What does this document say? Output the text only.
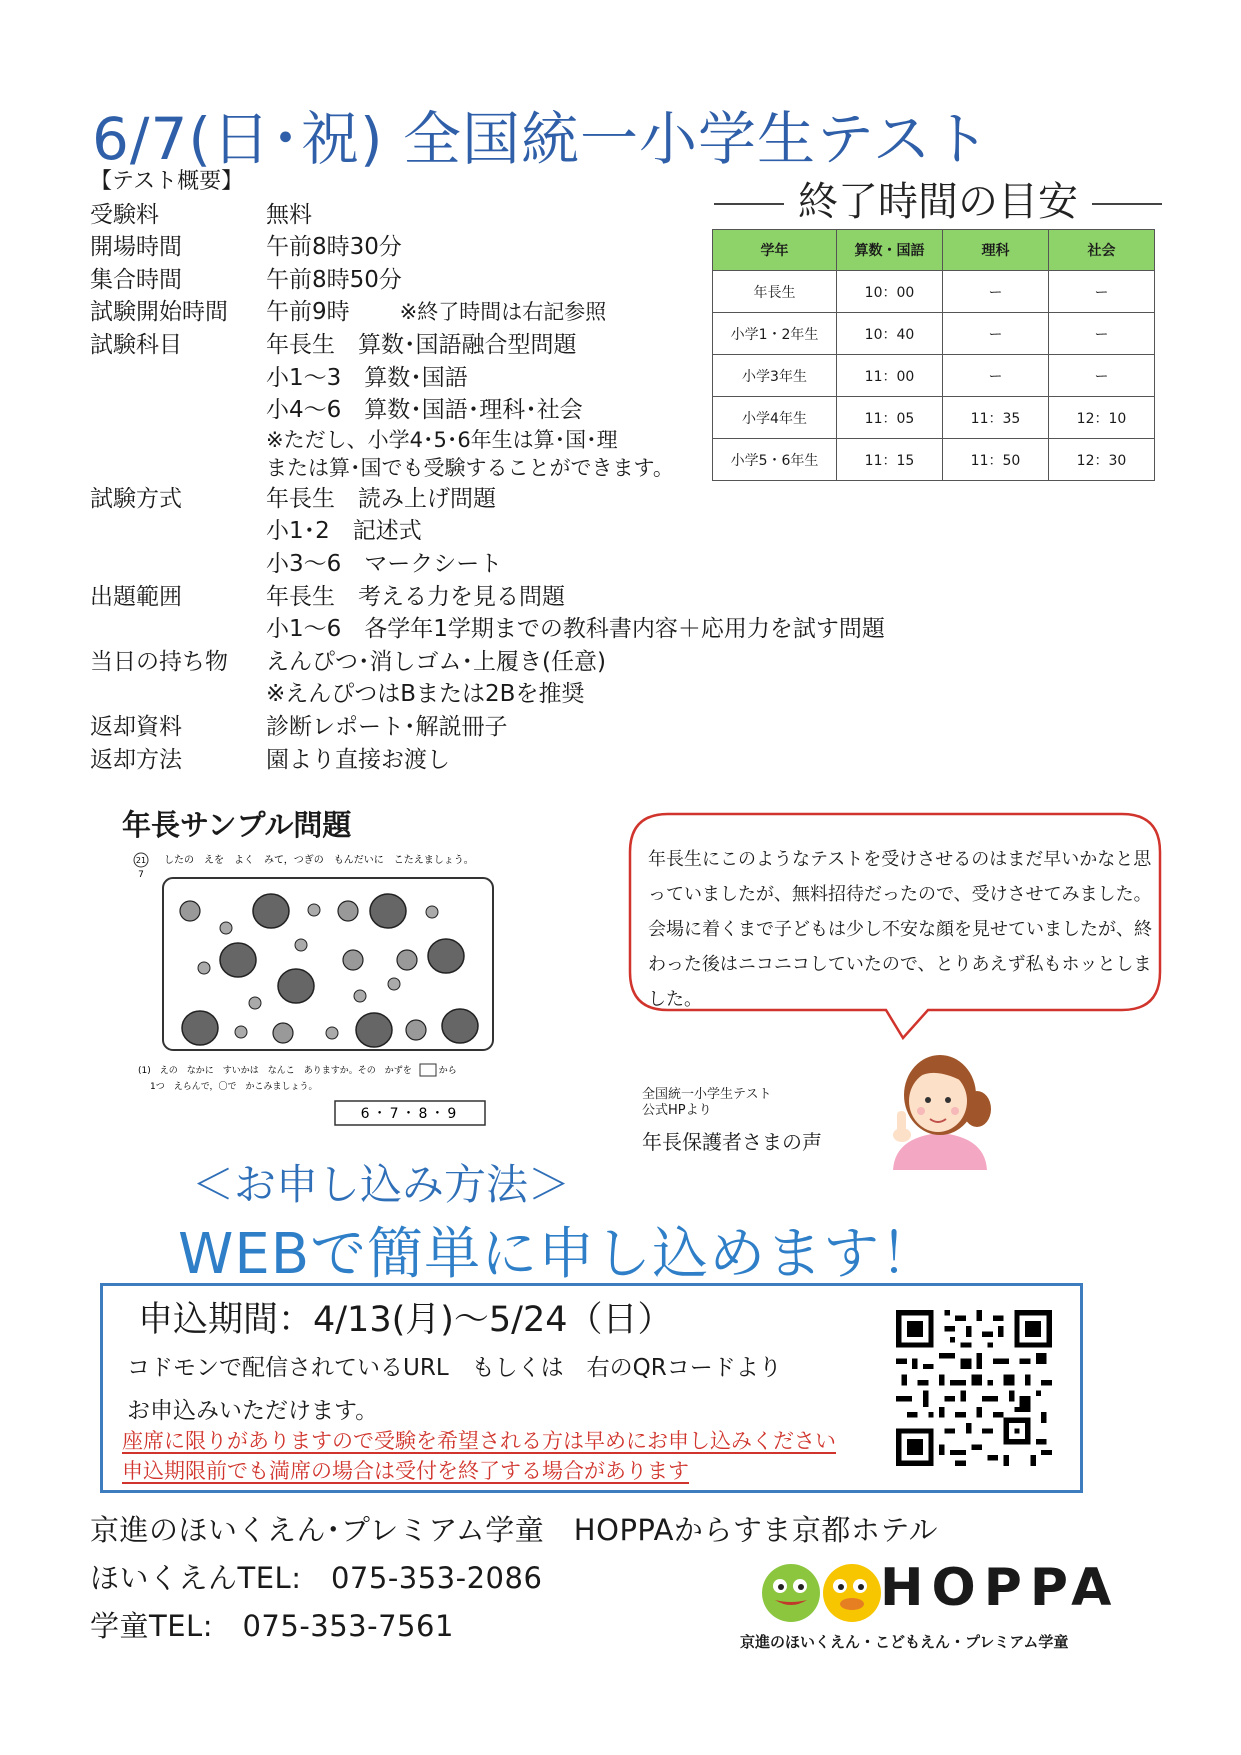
6/7(日･祝) 全国統一小学生テスト
終了時間の目安
【テスト概要】
受験料	無料
開場時間	午前8時30分
集合時間	午前8時50分
試験開始時間	午前9時 ※終了時間は右記参照
試験科目	年長生　算数･国語融合型問題
小1～3　算数･国語
小4～6　算数･国語･理科･社会
※ただし、小学4･5･6年生は算･国･理
または算･国でも受験することができます。
試験方式	年長生　読み上げ問題
小1･2　記述式
小3～6　マークシート
出題範囲	年長生　考える力を見る問題
小1～6　各学年1学期までの教科書内容＋応用力を試す問題
当日の持ち物	えんぴつ･消しゴム･上履き(任意)
※えんぴつはBまたは2Bを推奨
返却資料	診断レポート･解説冊子
返却方法	園より直接お渡し
学年	算数・国語	理科	社会
年長生	10：00	ー	ー
小学1・2年生	10：40	ー	ー
小学3年生	11：00	ー	ー
小学4年生	11：05	11：35	12：10
小学5・6年生	11：15	11：50	12：30
年長サンプル問題
21
7
したの　えを　よく　みて，つぎの　もんだいに　こたえましょう。
(1)　えの　なかに　すいかは　なんこ　ありますか。その　かずを　　　から
1つ　えらんで，〇で　かこみましょう。
6・7・8・9
年長生にこのようなテストを受けさせるのはまだ早いかなと思っていましたが、無料招待だったので、受けさせてみました。会場に着くまで子どもは少し不安な顔を見せていましたが、終わった後はニコニコしていたので、とりあえず私もホッとしました。
全国統一小学生テスト
公式HPより
年長保護者さまの声
＜お申し込み方法＞
WEBで簡単に申し込めます！
申込期間：4/13(月)～5/24（日）
コドモンで配信されているURL　もしくは　右のQRコードより
お申込みいただけます。
座席に限りがありますので受験を希望される方は早めにお申し込みください
申込期限前でも満席の場合は受付を終了する場合があります
京進のほいくえん･プレミアム学童　HOPPAからすま京都ホテル
ほいくえんTEL:　075-353-2086
学童TEL:　075-353-7561
HOPPA
京進のほいくえん・こどもえん・プレミアム学童
